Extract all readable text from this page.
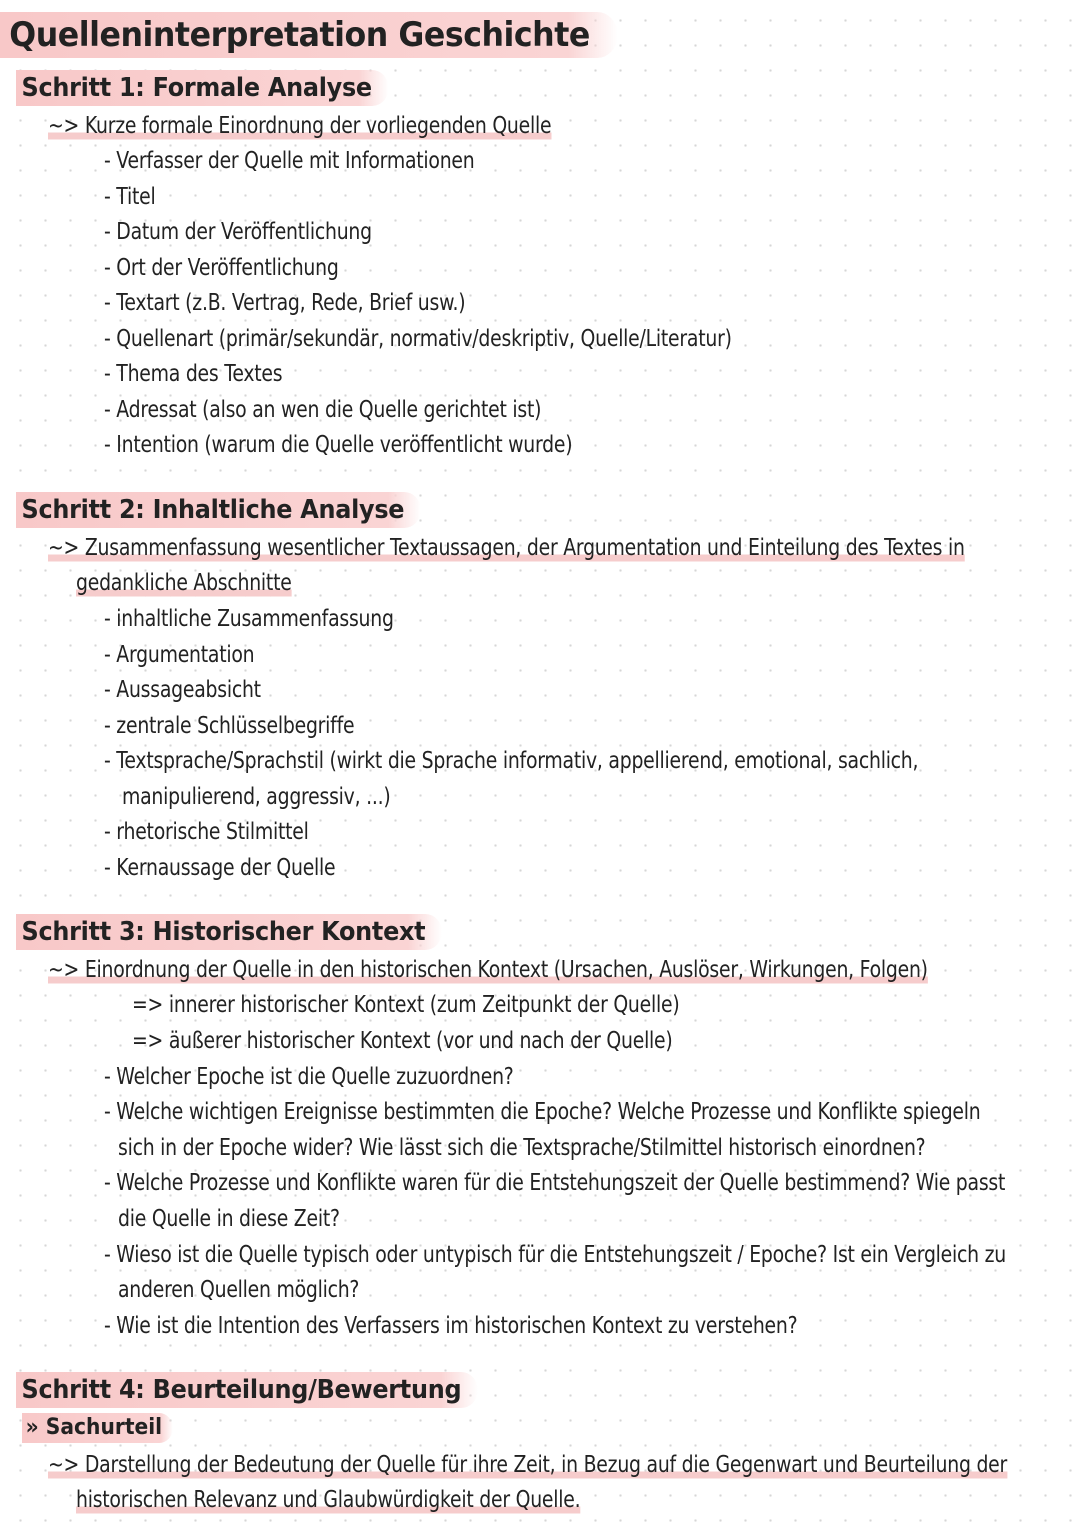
Quelleninterpretation Geschichte
Schritt 1: Formale Analyse
~> Kurze formale Einordnung der vorliegenden Quelle
- Verfasser der Quelle mit Informationen
- Titel
- Datum der Veröffentlichung
- Ort der Veröffentlichung
- Textart (z.B. Vertrag, Rede, Brief usw.)
- Quellenart (primär/sekundär, normativ/deskriptiv, Quelle/Literatur)
- Thema des Textes
- Adressat (also an wen die Quelle gerichtet ist)
- Intention (warum die Quelle veröffentlicht wurde)
Schritt 2: Inhaltliche Analyse
~> Zusammenfassung wesentlicher Textaussagen, der Argumentation und Einteilung des Textes in
gedankliche Abschnitte
- inhaltliche Zusammenfassung
- Argumentation
- Aussageabsicht
- zentrale Schlüsselbegriffe
- Textsprache/Sprachstil (wirkt die Sprache informativ, appellierend, emotional, sachlich,
manipulierend, aggressiv, ...)
- rhetorische Stilmittel
- Kernaussage der Quelle
Schritt 3: Historischer Kontext
~> Einordnung der Quelle in den historischen Kontext (Ursachen, Auslöser, Wirkungen, Folgen)
=> innerer historischer Kontext (zum Zeitpunkt der Quelle)
=> äußerer historischer Kontext (vor und nach der Quelle)
- Welcher Epoche ist die Quelle zuzuordnen?
- Welche wichtigen Ereignisse bestimmten die Epoche? Welche Prozesse und Konflikte spiegeln
sich in der Epoche wider? Wie lässt sich die Textsprache/Stilmittel historisch einordnen?
- Welche Prozesse und Konflikte waren für die Entstehungszeit der Quelle bestimmend? Wie passt
die Quelle in diese Zeit?
- Wieso ist die Quelle typisch oder untypisch für die Entstehungszeit / Epoche? Ist ein Vergleich zu
anderen Quellen möglich?
- Wie ist die Intention des Verfassers im historischen Kontext zu verstehen?
Schritt 4: Beurteilung/Bewertung
» Sachurteil
~> Darstellung der Bedeutung der Quelle für ihre Zeit, in Bezug auf die Gegenwart und Beurteilung der
historischen Relevanz und Glaubwürdigkeit der Quelle.
